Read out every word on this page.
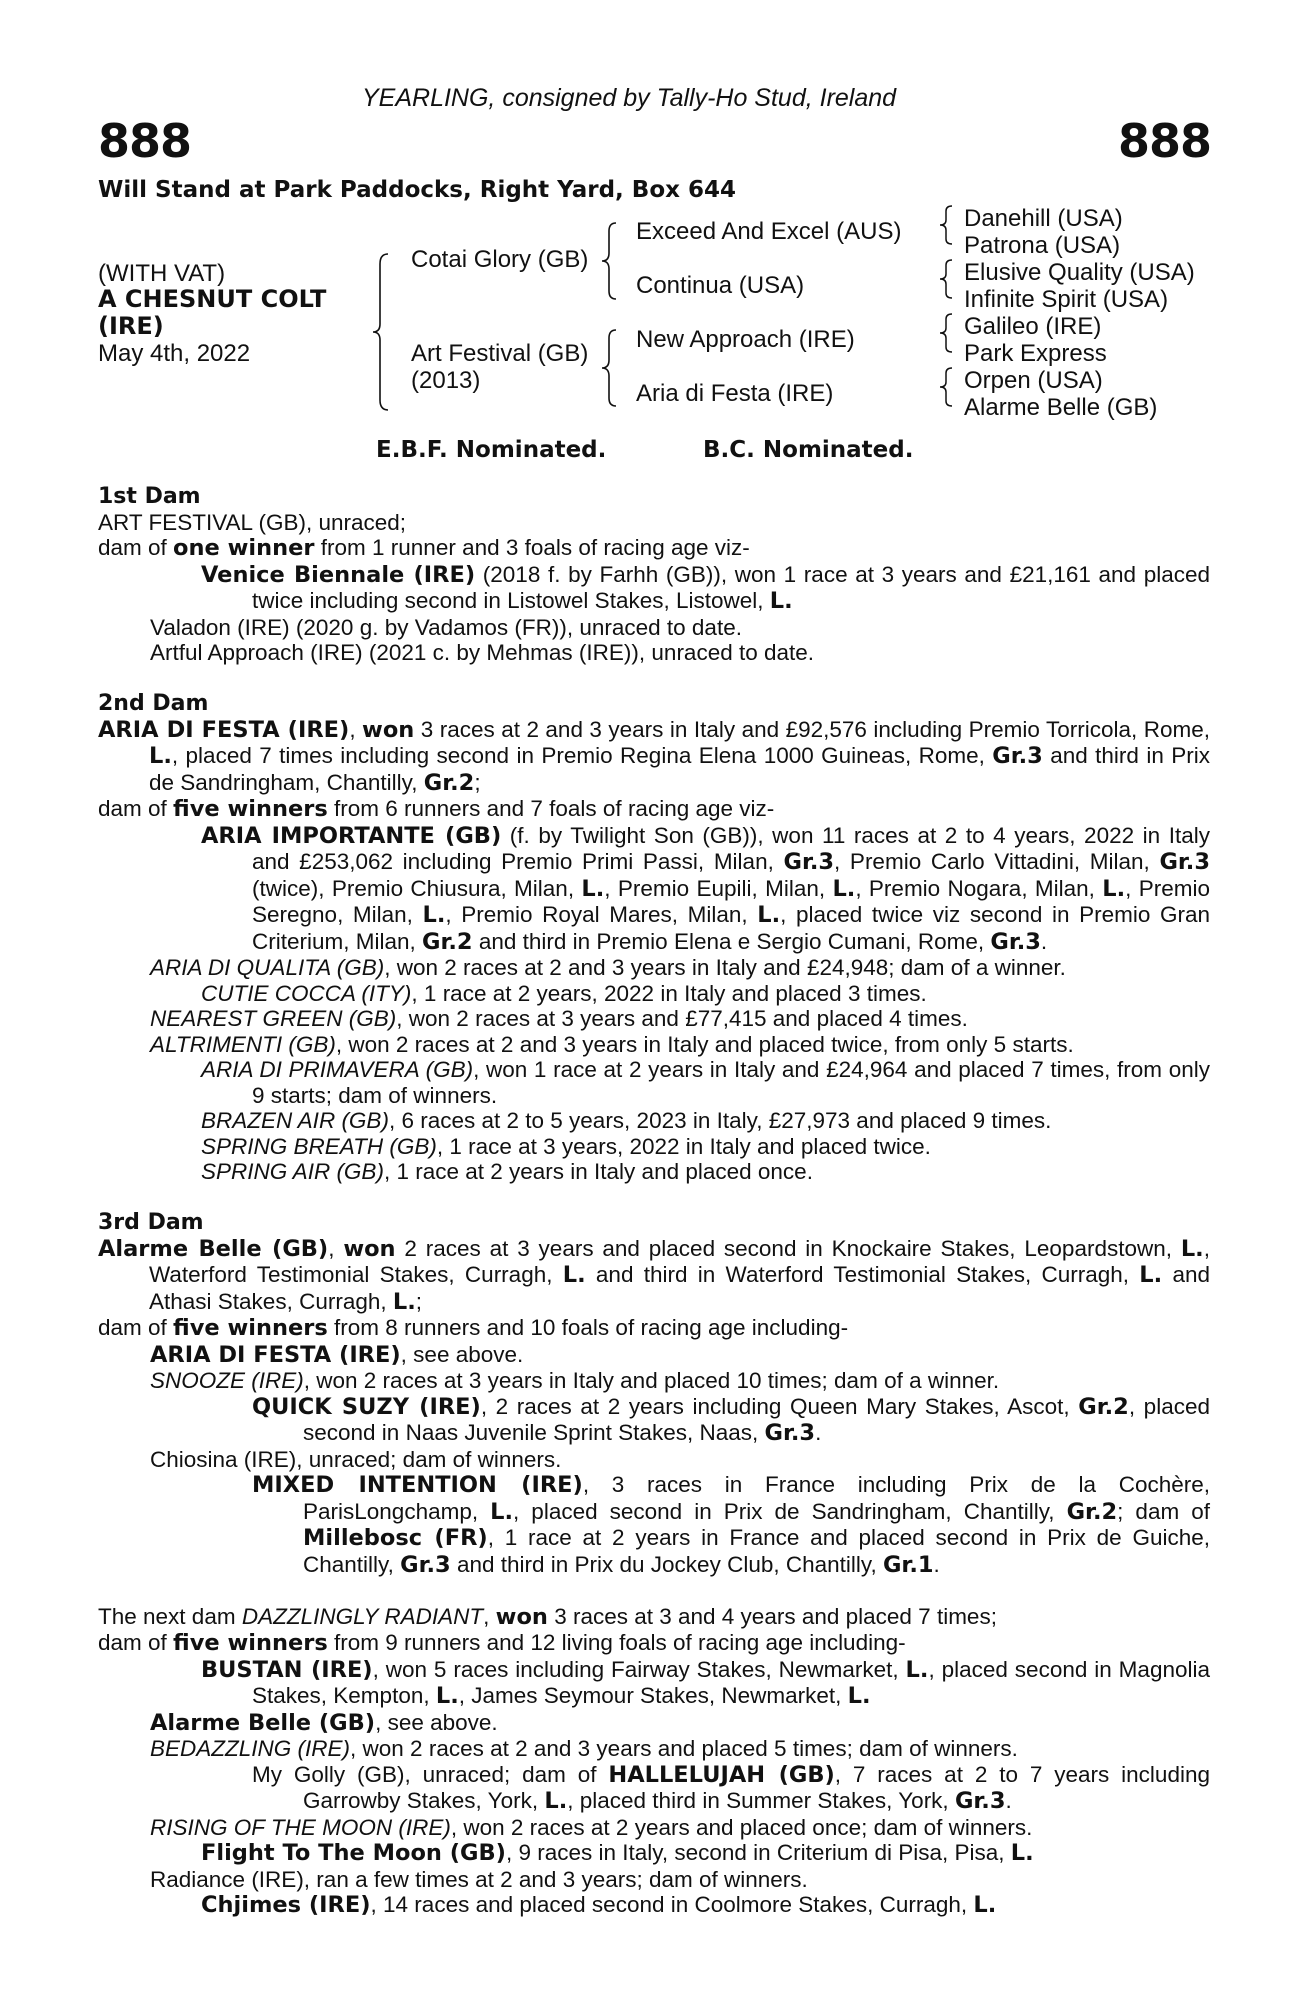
YEARLING, consigned by Tally-Ho Stud, Ireland
888	888
Will Stand at Park Paddocks, Right Yard, Box 644
(WITH VAT)
A CHESNUT COLT
(IRE)
May 4th, 2022
Cotai Glory (GB)
Art Festival (GB)
(2013)
Exceed And Excel (AUS)
Continua (USA)
New Approach (IRE)
Aria di Festa (IRE)
Danehill (USA)
Patrona (USA)
Elusive Quality (USA)
Infinite Spirit (USA)
Galileo (IRE)
Park Express
Orpen (USA)
Alarme Belle (GB)
E.B.F. Nominated.	B.C. Nominated.
1st Dam
ART FESTIVAL (GB), unraced;
dam of one winner from 1 runner and 3 foals of racing age viz-
Venice Biennale (IRE) (2018 f. by Farhh (GB)), won 1 race at 3 years and £21,161 and placed twice including second in Listowel Stakes, Listowel, L.
Valadon (IRE) (2020 g. by Vadamos (FR)), unraced to date.
Artful Approach (IRE) (2021 c. by Mehmas (IRE)), unraced to date.
2nd Dam
ARIA DI FESTA (IRE), won 3 races at 2 and 3 years in Italy and £92,576 including Premio Torricola, Rome, L., placed 7 times including second in Premio Regina Elena 1000 Guineas, Rome, Gr.3 and third in Prix de Sandringham, Chantilly, Gr.2;
dam of five winners from 6 runners and 7 foals of racing age viz-
ARIA IMPORTANTE (GB) (f. by Twilight Son (GB)), won 11 races at 2 to 4 years, 2022 in Italy and £253,062 including Premio Primi Passi, Milan, Gr.3, Premio Carlo Vittadini, Milan, Gr.3 (twice), Premio Chiusura, Milan, L., Premio Eupili, Milan, L., Premio Nogara, Milan, L., Premio Seregno, Milan, L., Premio Royal Mares, Milan, L., placed twice viz second in Premio Gran Criterium, Milan, Gr.2 and third in Premio Elena e Sergio Cumani, Rome, Gr.3.
ARIA DI QUALITA (GB), won 2 races at 2 and 3 years in Italy and £24,948; dam of a winner.
CUTIE COCCA (ITY), 1 race at 2 years, 2022 in Italy and placed 3 times.
NEAREST GREEN (GB), won 2 races at 3 years and £77,415 and placed 4 times.
ALTRIMENTI (GB), won 2 races at 2 and 3 years in Italy and placed twice, from only 5 starts.
ARIA DI PRIMAVERA (GB), won 1 race at 2 years in Italy and £24,964 and placed 7 times, from only 9 starts; dam of winners.
BRAZEN AIR (GB), 6 races at 2 to 5 years, 2023 in Italy, £27,973 and placed 9 times.
SPRING BREATH (GB), 1 race at 3 years, 2022 in Italy and placed twice.
SPRING AIR (GB), 1 race at 2 years in Italy and placed once.
3rd Dam
Alarme Belle (GB), won 2 races at 3 years and placed second in Knockaire Stakes, Leopardstown, L., Waterford Testimonial Stakes, Curragh, L. and third in Waterford Testimonial Stakes, Curragh, L. and Athasi Stakes, Curragh, L.;
dam of five winners from 8 runners and 10 foals of racing age including-
ARIA DI FESTA (IRE), see above.
SNOOZE (IRE), won 2 races at 3 years in Italy and placed 10 times; dam of a winner.
QUICK SUZY (IRE), 2 races at 2 years including Queen Mary Stakes, Ascot, Gr.2, placed second in Naas Juvenile Sprint Stakes, Naas, Gr.3.
Chiosina (IRE), unraced; dam of winners.
MIXED INTENTION (IRE), 3 races in France including Prix de la Cochère, ParisLongchamp, L., placed second in Prix de Sandringham, Chantilly, Gr.2; dam of Millebosc (FR), 1 race at 2 years in France and placed second in Prix de Guiche, Chantilly, Gr.3 and third in Prix du Jockey Club, Chantilly, Gr.1.
The next dam DAZZLINGLY RADIANT, won 3 races at 3 and 4 years and placed 7 times;
dam of five winners from 9 runners and 12 living foals of racing age including-
BUSTAN (IRE), won 5 races including Fairway Stakes, Newmarket, L., placed second in Magnolia Stakes, Kempton, L., James Seymour Stakes, Newmarket, L.
Alarme Belle (GB), see above.
BEDAZZLING (IRE), won 2 races at 2 and 3 years and placed 5 times; dam of winners.
My Golly (GB), unraced; dam of HALLELUJAH (GB), 7 races at 2 to 7 years including Garrowby Stakes, York, L., placed third in Summer Stakes, York, Gr.3.
RISING OF THE MOON (IRE), won 2 races at 2 years and placed once; dam of winners.
Flight To The Moon (GB), 9 races in Italy, second in Criterium di Pisa, Pisa, L.
Radiance (IRE), ran a few times at 2 and 3 years; dam of winners.
Chjimes (IRE), 14 races and placed second in Coolmore Stakes, Curragh, L.
